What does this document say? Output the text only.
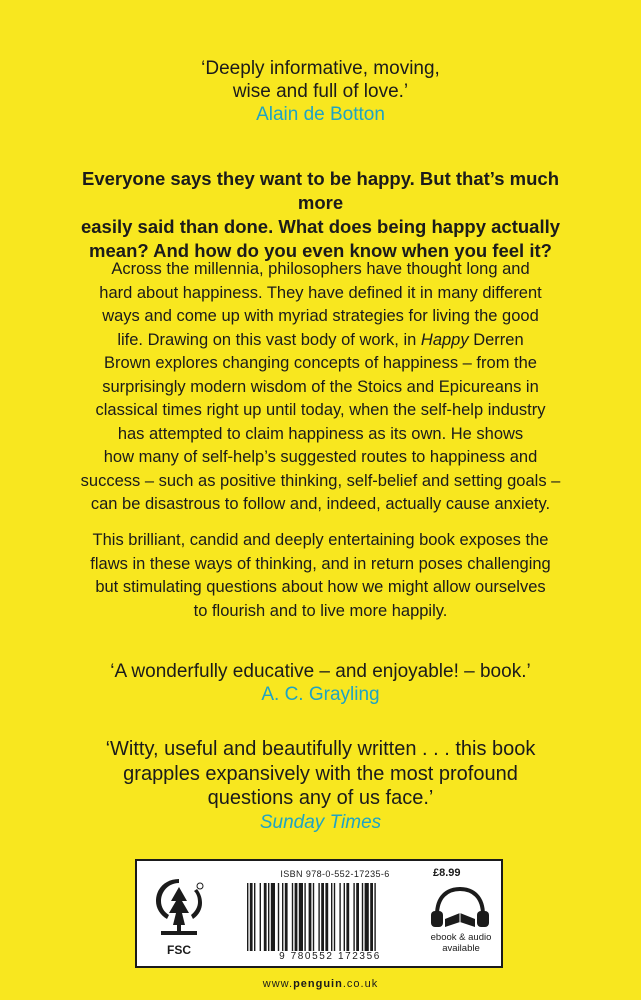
‘Deeply informative, moving,
wise and full of love.’
Alain de Botton
Everyone says they want to be happy. But that’s much more
easily said than done. What does being happy actually
mean? And how do you even know when you feel it?
Across the millennia, philosophers have thought long and
hard about happiness. They have defined it in many different
ways and come up with myriad strategies for living the good
life. Drawing on this vast body of work, in Happy Derren
Brown explores changing concepts of happiness – from the
surprisingly modern wisdom of the Stoics and Epicureans in
classical times right up until today, when the self-help industry
has attempted to claim happiness as its own. He shows
how many of self-help’s suggested routes to happiness and
success – such as positive thinking, self-belief and setting goals –
can be disastrous to follow and, indeed, actually cause anxiety.
This brilliant, candid and deeply entertaining book exposes the
flaws in these ways of thinking, and in return poses challenging
but stimulating questions about how we might allow ourselves
to flourish and to live more happily.
‘A wonderfully educative – and enjoyable! – book.’
A. C. Grayling
‘Witty, useful and beautifully written . . . this book
grapples expansively with the most profound
questions any of us face.’
Sunday Times
FSC
ISBN 978-0-552-17235-6
9 780552 172356
£8.99
ebook & audio
available
www.penguin.co.uk
